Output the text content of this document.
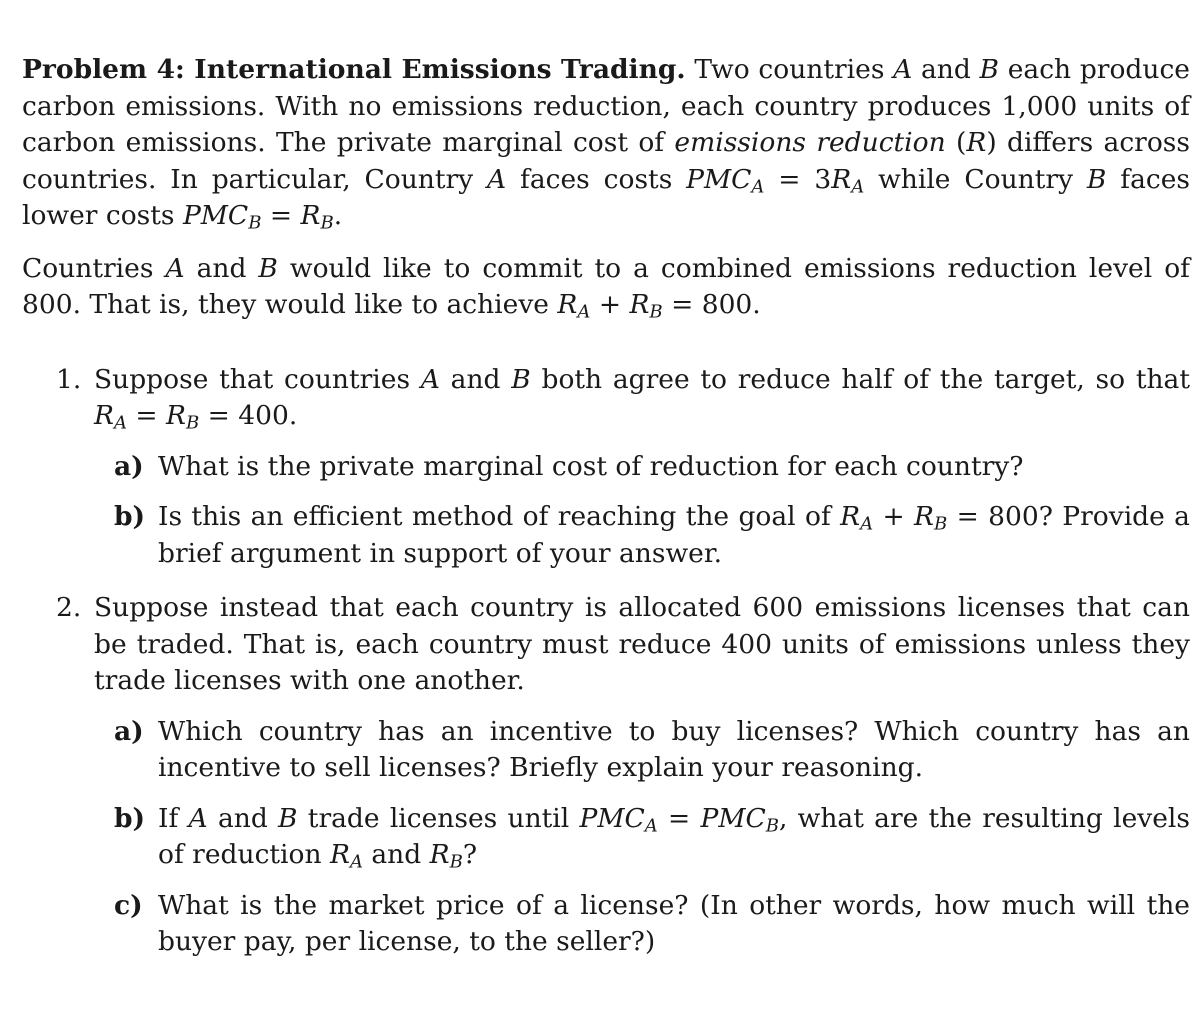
Problem 4: International Emissions Trading. Two countries A and B each produce carbon emissions. With no emissions reduction, each country produces 1,000 units of carbon emissions. The private marginal cost of emissions reduction (R) differs across countries. In particular, Country A faces costs $PMC_A = 3R_A$ while Country B faces lower costs $PMC_B = R_B$.

Countries A and B would like to commit to a combined emissions reduction level of 800. That is, they would like to achieve $R_A + R_B = 800$.

1. Suppose that countries A and B both agree to reduce half of the target, so that $R_A = R_B = 400$.

a) What is the private marginal cost of reduction for each country?

b) Is this an efficient method of reaching the goal of $R_A + R_B = 800$? Provide a brief argument in support of your answer.

2. Suppose instead that each country is allocated 600 emissions licenses that can be traded. That is, each country must reduce 400 units of emissions unless they trade licenses with one another.

a) Which country has an incentive to buy licenses? Which country has an incentive to sell licenses? Briefly explain your reasoning.

b) If A and B trade licenses until $PMC_A = PMC_B$, what are the resulting levels of reduction $R_A$ and $R_B$?

c) What is the market price of a license? (In other words, how much will the buyer pay, per license, to the seller?)
